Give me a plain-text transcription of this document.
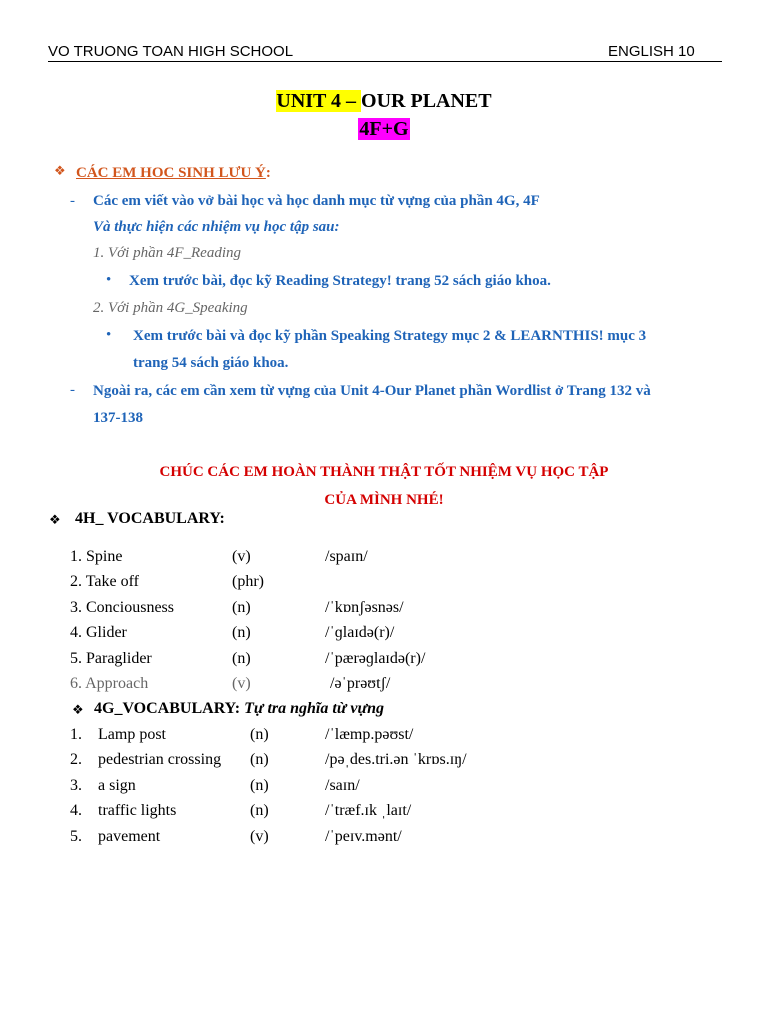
VO TRUONG TOAN HIGH SCHOOL	ENGLISH 10
UNIT 4 – OUR PLANET
4F+G
❖ CÁC EM HOC SINH LƯU Ý:
- Các em viết vào vở bài học và học danh mục từ vựng của phần 4G, 4F
Và thực hiện các nhiệm vụ học tập sau:
1. Với phần 4F_Reading
• Xem trước bài, đọc kỹ Reading Strategy! trang 52 sách giáo khoa.
2. Với phần 4G_Speaking
• Xem trước bài và đọc kỹ phần Speaking Strategy mục 2 & LEARNTHIS! mục 3
trang 54 sách giáo khoa.
- Ngoài ra, các em cần xem từ vựng của Unit 4-Our Planet phần Wordlist ở Trang 132 và
137-138
CHÚC CÁC EM HOÀN THÀNH THẬT TỐT NHIỆM VỤ HỌC TẬP
CỦA MÌNH NHÉ!
❖ 4H_ VOCABULARY:
1. Spine	(v)	/spaɪn/
2. Take off	(phr)
3. Conciousness	(n)	/ˈkɒnʃəsnəs/
4. Glider	(n)	/ˈɡlaɪdə(r)/
5. Paraglider	(n)	/ˈpærəɡlaɪdə(r)/
6. Approach	(v)	/əˈprəʊtʃ/
❖ 4G_VOCABULARY: Tự tra nghĩa từ vựng
1. Lamp post	(n)	/ˈlæmp.pəʊst/
2. pedestrian crossing (n)	/pəˌdes.tri.ən ˈkrɒs.ɪŋ/
3. a sign	(n)	/saɪn/
4. traffic lights	(n)	/ˈtræf.ɪk ˌlaɪt/
5. pavement	(v)	/ˈpeɪv.mənt/
